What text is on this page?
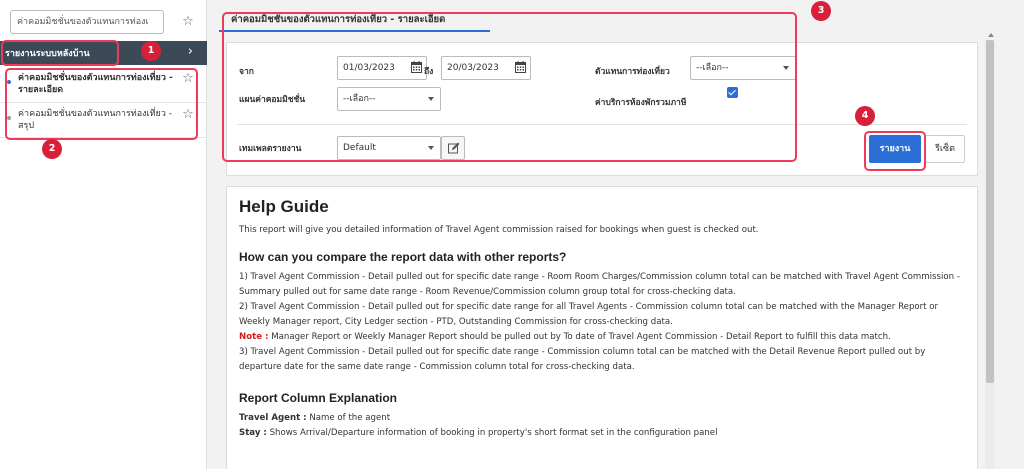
ค่าคอมมิชชั่นของตัวแทนการท่องเ	☆
รายงานระบบหลังบ้าน	›
ค่าคอมมิชชั่นของตัวแทนการท่องเที่ยว - รายละเอียด
☆
ค่าคอมมิชชั่นของตัวแทนการท่องเที่ยว - สรุป
☆
ค่าคอมมิชชั่นของตัวแทนการท่องเที่ยว - รายละเอียด
จาก	01/03/2023	ถึง	20/03/2023	ตัวแทนการท่องเที่ยว	--เลือก--
แผนค่าคอมมิชชั่น	--เลือก--	ค่าบริการห้องพักรวมภาษี
เทมเพลตรายงาน	Default	รายงาน	รีเซ็ต
Help Guide

This report will give you detailed information of Travel Agent commission raised for bookings when guest is checked out.

How can you compare the report data with other reports?

1) Travel Agent Commission - Detail pulled out for specific date range - Room Room Charges/Commission column total can be matched with Travel Agent Commission - Summary pulled out for same date range - Room Revenue/Commission column group total for cross-checking data.

2) Travel Agent Commission - Detail pulled out for specific date range for all Travel Agents - Commission column total can be matched with the Manager Report or Weekly Manager report, City Ledger section - PTD, Outstanding Commission for cross-checking data.

Note : Manager Report or Weekly Manager Report should be pulled out by To date of Travel Agent Commission - Detail Report to fulfill this data match.

3) Travel Agent Commission - Detail pulled out for specific date range - Commission column total can be matched with the Detail Revenue Report pulled out by departure date for the same date range - Commission column total for cross-checking data.

Report Column Explanation

Travel Agent : Name of the agent

Stay : Shows Arrival/Departure information of booking in property's short format set in the configuration panel

1
2
3
4
